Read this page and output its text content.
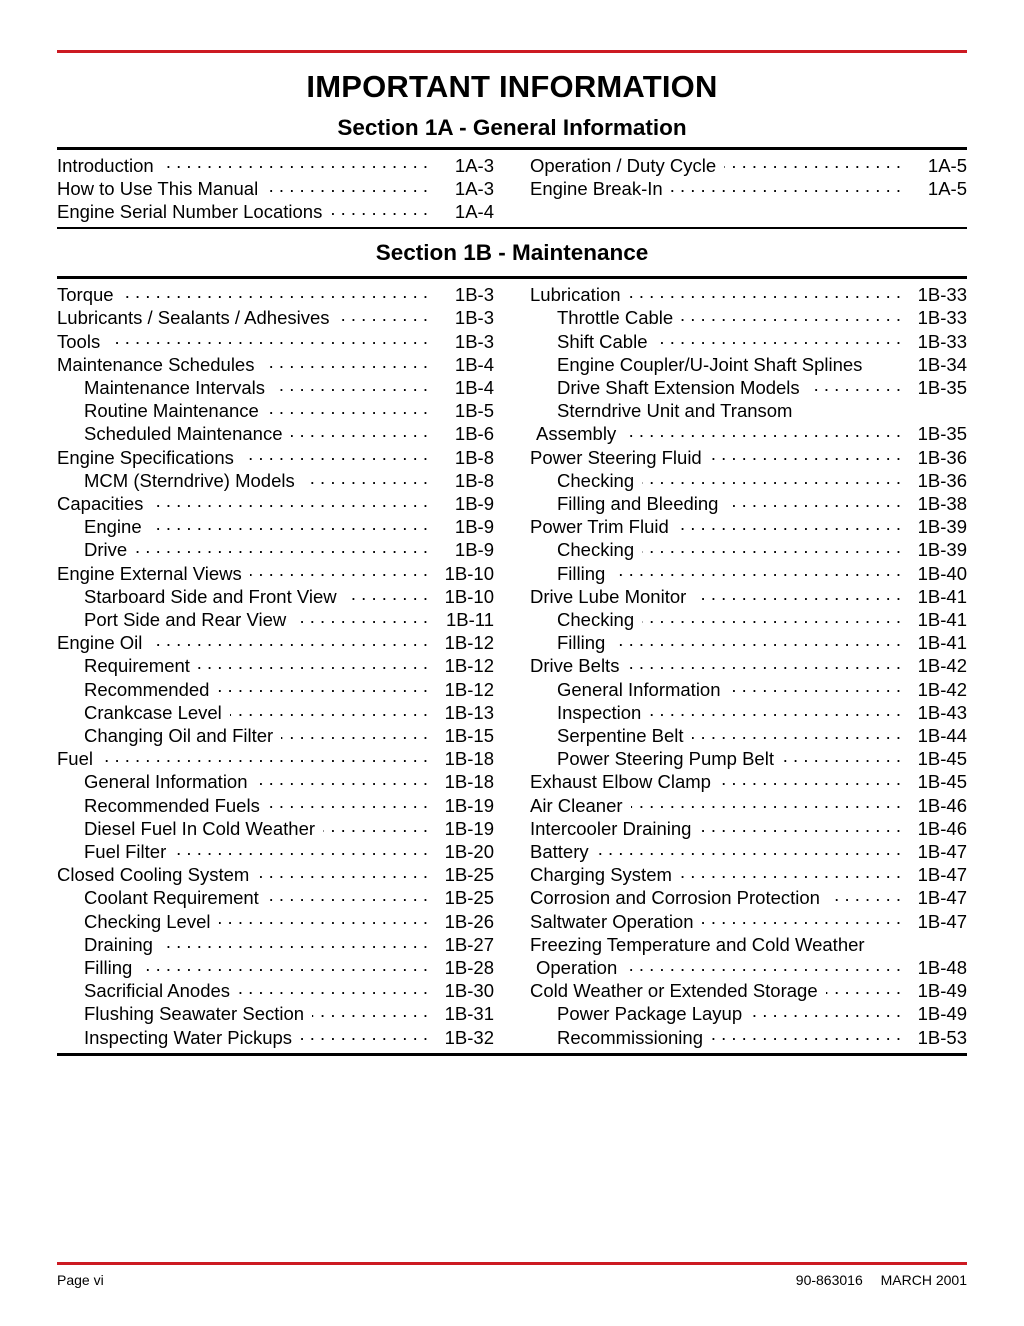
IMPORTANT INFORMATION
Section 1A - General Information
Introduction . . .	1A-3
How to Use This Manual . . .	1A-3
Engine Serial Number Locations . . .	1A-4
Operation / Duty Cycle . . .	1A-5
Engine Break-In . . .	1A-5
Section 1B - Maintenance
Torque . . .	1B-3
Lubricants / Sealants / Adhesives . . .	1B-3
Tools . . .	1B-3
Maintenance Schedules . . .	1B-4
Maintenance Intervals . . .	1B-4
Routine Maintenance . . .	1B-5
Scheduled Maintenance . . .	1B-6
Engine Specifications . . .	1B-8
MCM (Sterndrive) Models . . .	1B-8
Capacities . . .	1B-9
Engine . . .	1B-9
Drive . . .	1B-9
Engine External Views . . .	1B-10
Starboard Side and Front View . . .	1B-10
Port Side and Rear View . . .	1B-11
Engine Oil . . .	1B-12
Requirement . . .	1B-12
Recommended . . .	1B-12
Crankcase Level . . .	1B-13
Changing Oil and Filter . . .	1B-15
Fuel . . .	1B-18
General Information . . .	1B-18
Recommended Fuels . . .	1B-19
Diesel Fuel In Cold Weather . . .	1B-19
Fuel Filter . . .	1B-20
Closed Cooling System . . .	1B-25
Coolant Requirement . . .	1B-25
Checking Level . . .	1B-26
Draining . . .	1B-27
Filling . . .	1B-28
Sacrificial Anodes . . .	1B-30
Flushing Seawater Section . . .	1B-31
Inspecting Water Pickups . . .	1B-32
Lubrication . . .	1B-33
Throttle Cable . . .	1B-33
Shift Cable . . .	1B-33
Engine Coupler/U-Joint Shaft Splines	1B-34
Drive Shaft Extension Models . . .	1B-35
Sterndrive Unit and Transom
Assembly . . .	1B-35
Power Steering Fluid . . .	1B-36
Checking . . .	1B-36
Filling and Bleeding . . .	1B-38
Power Trim Fluid . . .	1B-39
Checking . . .	1B-39
Filling . . .	1B-40
Drive Lube Monitor . . .	1B-41
Checking . . .	1B-41
Filling . . .	1B-41
Drive Belts . . .	1B-42
General Information . . .	1B-42
Inspection . . .	1B-43
Serpentine Belt . . .	1B-44
Power Steering Pump Belt . . .	1B-45
Exhaust Elbow Clamp . . .	1B-45
Air Cleaner . . .	1B-46
Intercooler Draining . . .	1B-46
Battery . . .	1B-47
Charging System . . .	1B-47
Corrosion and Corrosion Protection . . .	1B-47
Saltwater Operation . . .	1B-47
Freezing Temperature and Cold Weather
Operation . . .	1B-48
Cold Weather or Extended Storage . . .	1B-49
Power Package Layup . . .	1B-49
Recommissioning . . .	1B-53
Page vi	90-863016 MARCH 2001
